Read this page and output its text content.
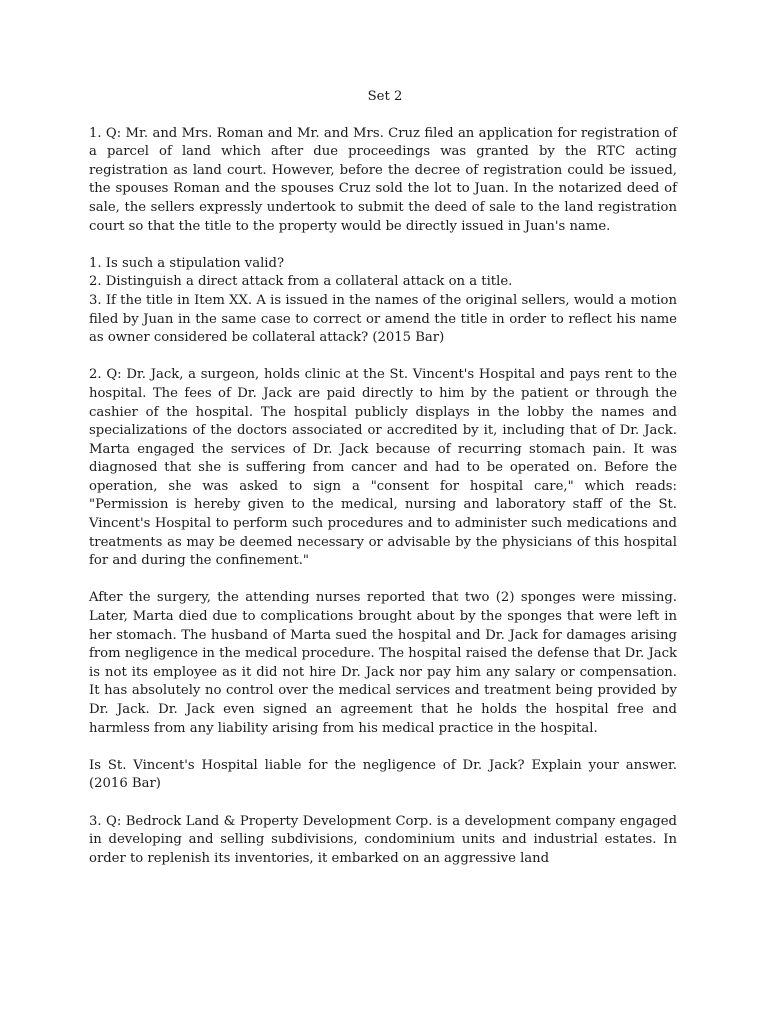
Set 2

1. Q: Mr. and Mrs. Roman and Mr. and Mrs. Cruz filed an application for registration of a parcel of land which after due proceedings was granted by the RTC acting registration as land court. However, before the decree of registration could be issued, the spouses Roman and the spouses Cruz sold the lot to Juan. In the notarized deed of sale, the sellers expressly undertook to submit the deed of sale to the land registration court so that the title to the property would be directly issued in Juan's name.

1. Is such a stipulation valid?
2. Distinguish a direct attack from a collateral attack on a title.
3. If the title in Item XX. A is issued in the names of the original sellers, would a motion filed by Juan in the same case to correct or amend the title in order to reflect his name as owner considered be collateral attack? (2015 Bar)

2. Q: Dr. Jack, a surgeon, holds clinic at the St. Vincent's Hospital and pays rent to the hospital. The fees of Dr. Jack are paid directly to him by the patient or through the cashier of the hospital. The hospital publicly displays in the lobby the names and specializations of the doctors associated or accredited by it, including that of Dr. Jack. Marta engaged the services of Dr. Jack because of recurring stomach pain. It was diagnosed that she is suffering from cancer and had to be operated on. Before the operation, she was asked to sign a "consent for hospital care," which reads: "Permission is hereby given to the medical, nursing and laboratory staff of the St. Vincent's Hospital to perform such procedures and to administer such medications and treatments as may be deemed necessary or advisable by the physicians of this hospital for and during the confinement."

After the surgery, the attending nurses reported that two (2) sponges were missing. Later, Marta died due to complications brought about by the sponges that were left in her stomach. The husband of Marta sued the hospital and Dr. Jack for damages arising from negligence in the medical procedure. The hospital raised the defense that Dr. Jack is not its employee as it did not hire Dr. Jack nor pay him any salary or compensation. It has absolutely no control over the medical services and treatment being provided by Dr. Jack. Dr. Jack even signed an agreement that he holds the hospital free and harmless from any liability arising from his medical practice in the hospital.

Is St. Vincent's Hospital liable for the negligence of Dr. Jack? Explain your answer. (2016 Bar)

3. Q: Bedrock Land & Property Development Corp. is a development company engaged in developing and selling subdivisions, condominium units and industrial estates. In order to replenish its inventories, it embarked on an aggressive land
